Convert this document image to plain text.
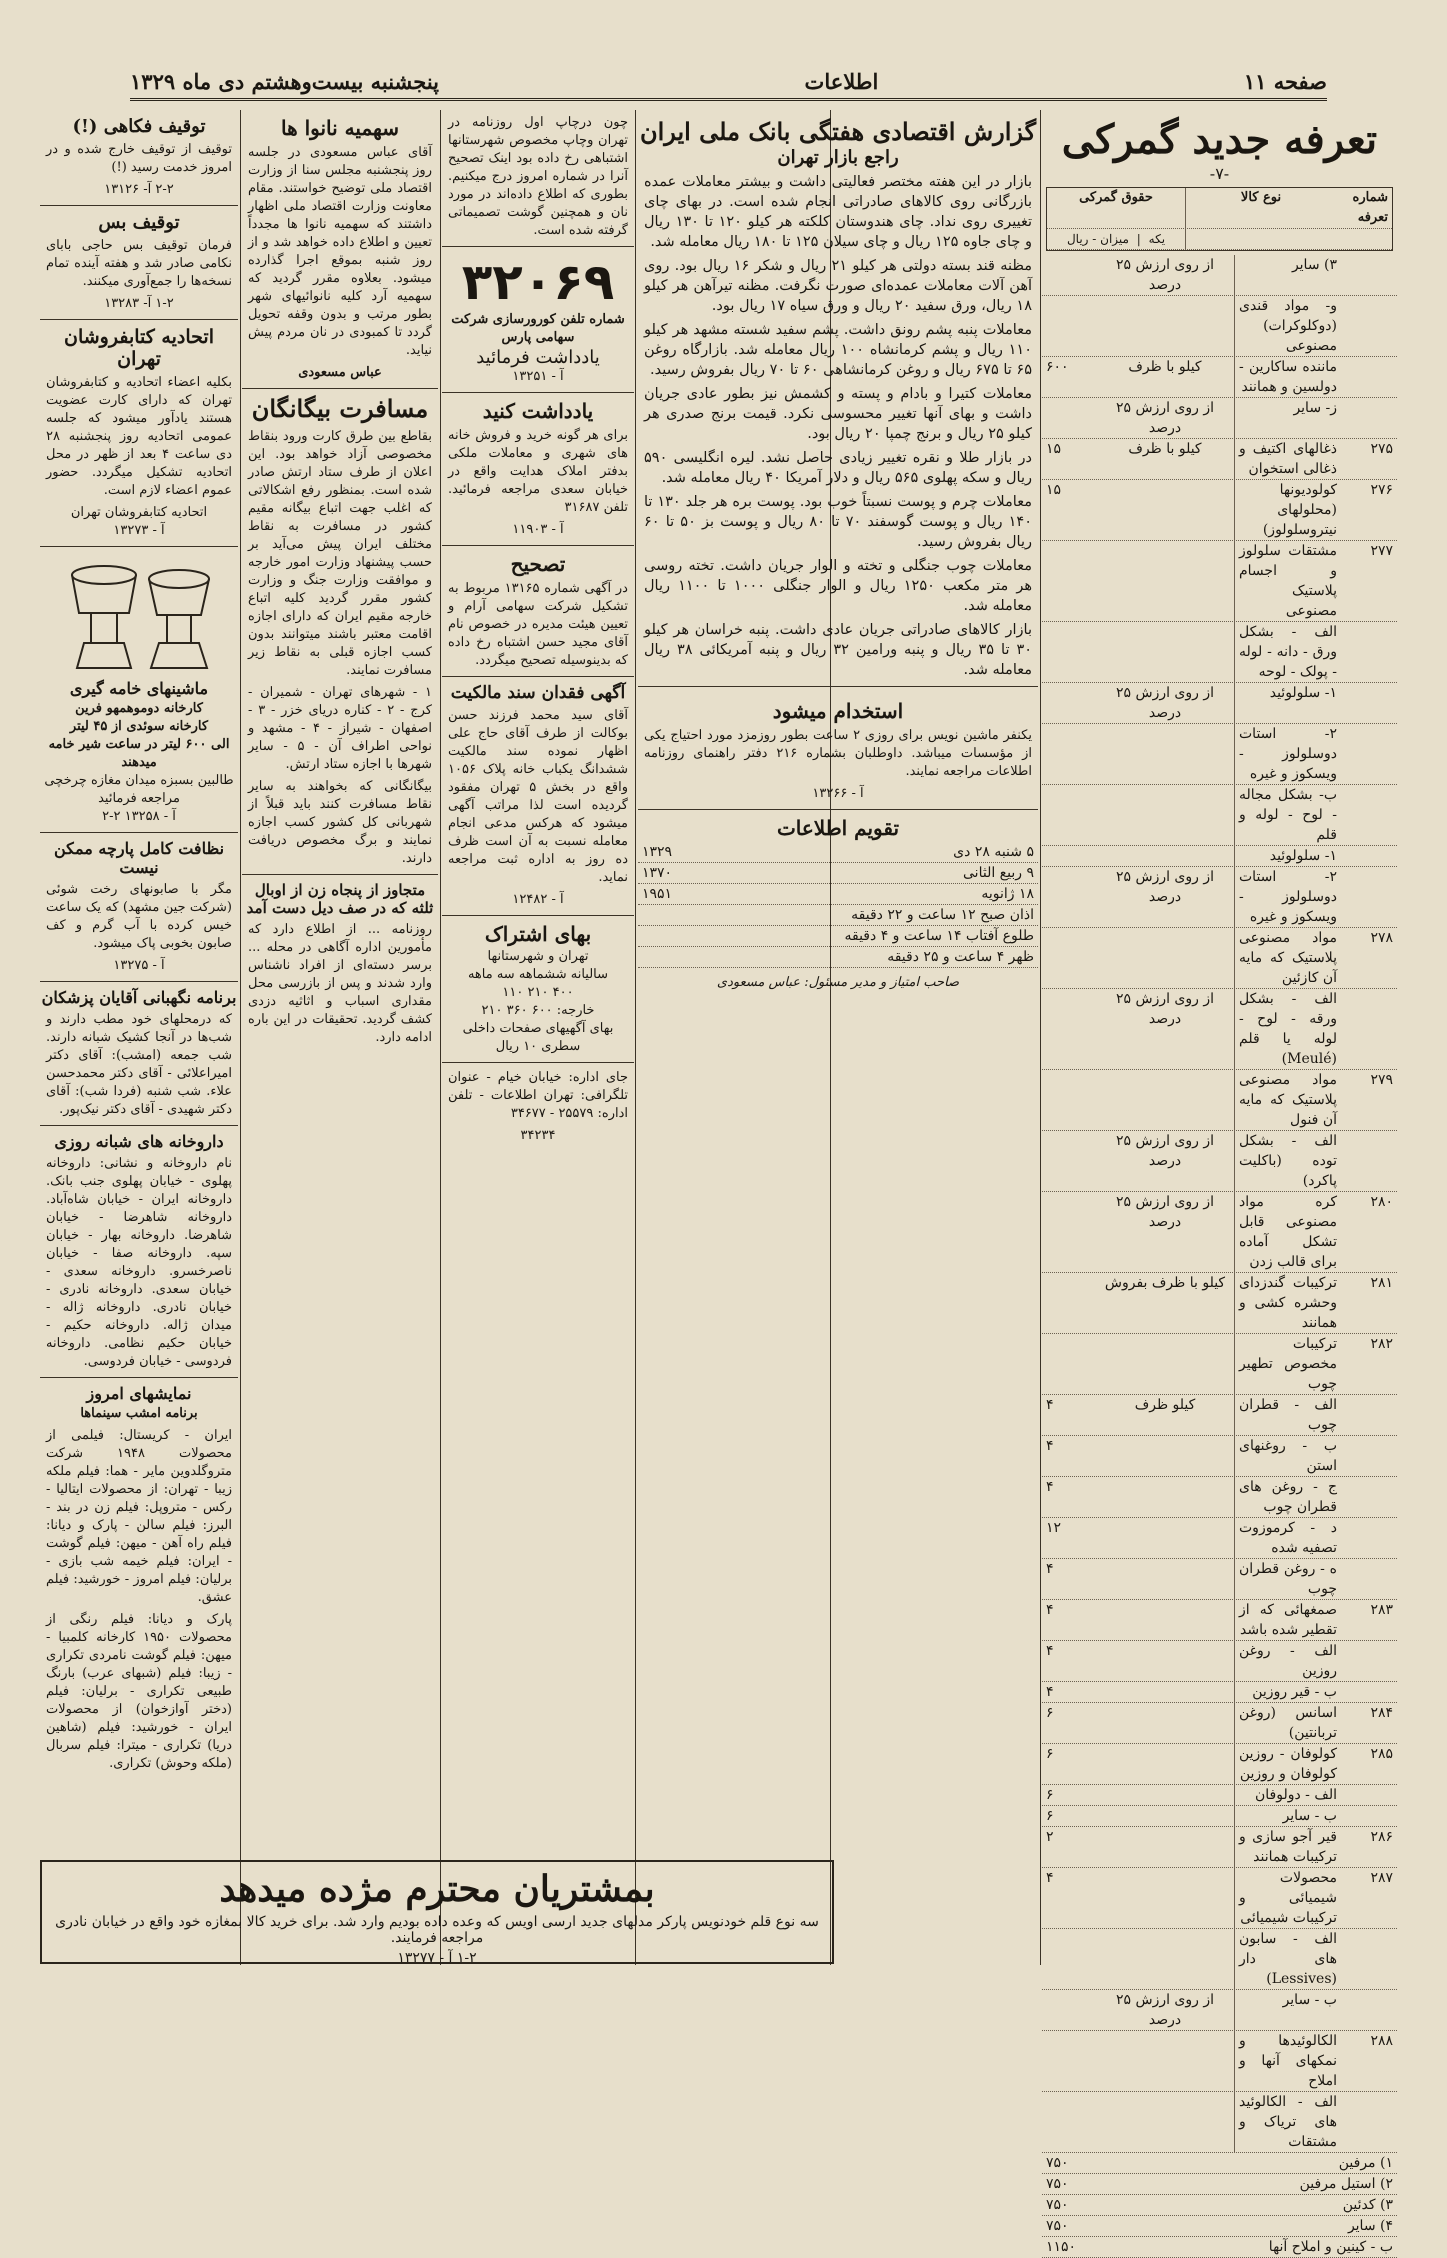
صفحه ۱۱
اطلاعات
پنجشنبه بیست‌وهشتم دی ماه ۱۳۲۹
تعرفه جدید گمرکی
-۷-
شماره تعرفه
نوع کالا
حقوق گمرکی
یکه | میزان - ریال
۳) سایر
از روی ارزش ۲۵ درصد
و- مواد قندی (دوکلوکرات) مصنوعی
ماننده ساکارین - دولسین و همانند
کیلو با ظرف
۶۰۰
ز- سایر
از روی ارزش ۲۵ درصد
۲۷۵
ذغالهای اکتیف و ذغالی استخوان
کیلو با ظرف
۱۵
۲۷۶
کولودیونها (محلولهای نیتروسلولوز)
۱۵
۲۷۷
مشتقات سلولوز و اجسام پلاستیک مصنوعی
الف - بشکل ورق - دانه - لوله - پولک - لوحه
۱- سلولوئید
از روی ارزش ۲۵ درصد
۲- استات دوسلولوز - ویسکوز و غیره
ب- بشکل مجاله - لوح - لوله و قلم
۱- سلولوئید
۲- استات دوسلولوز - ویسکوز و غیره
از روی ارزش ۲۵ درصد
۲۷۸
مواد مصنوعی پلاستیک که مایه آن کازئین
الف - بشکل ورقه - لوح - لوله یا قلم (Meulé)
از روی ارزش ۲۵ درصد
۲۷۹
مواد مصنوعی پلاستیک که مایه آن فنول
الف - بشکل توده (باکلیت پاکرد)
از روی ارزش ۲۵ درصد
۲۸۰
کره مواد مصنوعی قابل تشکل آماده برای قالب زدن
از روی ارزش ۲۵ درصد
۲۸۱
ترکیبات گندزدای وحشره کشی و همانند
کیلو با ظرف بفروش
۲۸۲
ترکیبات مخصوص تطهیر چوب
الف - قطران چوب
کیلو ظرف
۴
ب - روغنهای استن
۴
ج - روغن های قطران چوب
۴
د - کرموزوت تصفیه شده
۱۲
ه - روغن قطران چوب
۴
۲۸۳
صمغهائی که از تقطیر شده باشد
۴
الف - روغن روزین
۴
ب - قیر روزین
۴
۲۸۴
اسانس (روغن تربانتین)
۶
۲۸۵
کولوفان - روزین کولوفان و روزین
۶
الف - دولوفان
۶
ب - سایر
۶
۲۸۶
قیر آجو سازی و ترکیبات همانند
۲
۲۸۷
محصولات شیمیائی و ترکیبات شیمیائی
۴
الف - سابون های دار (Lessives)
ب - سایر
از روی ارزش ۲۵ درصد
۲۸۸
الکالوئیدها و نمکهای آنها و املاح
الف - الکالوئید های تریاک و مشتقات
۱) مرفین
۷۵۰
۲) استیل مرفین
۷۵۰
۳) کدئین
۷۵۰
۴) سایر
۷۵۰
ب - کینین و املاح آنها
۱۱۵۰
گزارش اقتصادی هفتگی بانک ملی ایران
راجع بازار تهران
بازار در این هفته مختصر فعالیتی داشت و بیشتر معاملات عمده بازرگانی روی کالاهای صادراتی انجام شده است. در بهای چای تغییری روی نداد. چای هندوستان کلکته هر کیلو ۱۲۰ تا ۱۳۰ ریال و چای جاوه ۱۲۵ ریال و چای سیلان ۱۲۵ تا ۱۸۰ ریال معامله شد.
مظنه قند بسته دولتی هر کیلو ۲۱ ریال و شکر ۱۶ ریال بود. روی آهن آلات معاملات عمده‌ای صورت نگرفت. مظنه تیرآهن هر کیلو ۱۸ ریال، ورق سفید ۲۰ ریال و ورق سیاه ۱۷ ریال بود.
معاملات پنبه پشم رونق داشت. پشم سفید شسته مشهد هر کیلو ۱۱۰ ریال و پشم کرمانشاه ۱۰۰ ریال معامله شد. بازارگاه روغن ۶۵ تا ۶۷۵ ریال و روغن کرمانشاهی ۶۰ تا ۷۰ ریال بفروش رسید.
معاملات کتیرا و بادام و پسته و کشمش نیز بطور عادی جریان داشت و بهای آنها تغییر محسوسی نکرد. قیمت برنج صدری هر کیلو ۲۵ ریال و برنج چمپا ۲۰ ریال بود.
در بازار طلا و نقره تغییر زیادی حاصل نشد. لیره انگلیسی ۵۹۰ ریال و سکه پهلوی ۵۶۵ ریال و دلار آمریکا ۴۰ ریال معامله شد.
معاملات چرم و پوست نسبتاً خوب بود. پوست بره هر جلد ۱۳۰ تا ۱۴۰ ریال و پوست گوسفند ۷۰ تا ۸۰ ریال و پوست بز ۵۰ تا ۶۰ ریال بفروش رسید.
معاملات چوب جنگلی و تخته و الوار جریان داشت. تخته روسی هر متر مکعب ۱۲۵۰ ریال و الوار جنگلی ۱۰۰۰ تا ۱۱۰۰ ریال معامله شد.
بازار کالاهای صادراتی جریان عادی داشت. پنبه خراسان هر کیلو ۳۰ تا ۳۵ ریال و پنبه ورامین ۳۲ ریال و پنبه آمریکائی ۳۸ ریال معامله شد.
استخدام میشود
یکنفر ماشین نویس برای روزی ۲ ساعت بطور روزمزد مورد احتیاج یکی از مؤسسات میباشد. داوطلبان بشماره ۲۱۶ دفتر راهنمای روزنامه اطلاعات مراجعه نمایند.
آ - ۱۳۲۶۶
تقویم اطلاعات
۵ شنبه ۲۸ دی
۱۳۲۹
۹ ربیع الثانی
۱۳۷۰
۱۸ ژانویه
۱۹۵۱
اذان صبح ۱۲ ساعت و ۲۲ دقیقه
طلوع آفتاب ۱۴ ساعت و ۴ دقیقه
ظهر ۴ ساعت و ۲۵ دقیقه
صاحب امتیاز و مدیر مسئول: عباس مسعودی
چون درچاپ اول روزنامه در تهران وچاپ مخصوص شهرستانها اشتباهی رخ داده بود اینک تصحیح آنرا در شماره امروز درج میکنیم. بطوری که اطلاع داده‌اند در مورد نان و همچنین گوشت تصمیماتی گرفته شده است.
۳۲۰۶۹
شماره تلفن کورورسازی شرکت سهامی پارس
یادداشت فرمائید
آ - ۱۳۲۵۱
یادداشت کنید
برای هر گونه خرید و فروش خانه های شهری و معاملات ملکی بدفتر املاک هدایت واقع در خیابان سعدی مراجعه فرمائید. تلفن ۳۱۶۸۷
آ - ۱۱۹۰۳
تصحیح
در آگهی شماره ۱۳۱۶۵ مربوط به تشکیل شرکت سهامی آرام و تعیین هیئت مدیره در خصوص نام آقای مجید حسن اشتباه رخ داده که بدینوسیله تصحیح میگردد.
آگهی فقدان سند مالکیت
آقای سید محمد فرزند حسن بوکالت از طرف آقای حاج علی اظهار نموده سند مالکیت ششدانگ یکباب خانه پلاک ۱۰۵۶ واقع در بخش ۵ تهران مفقود گردیده است لذا مراتب آگهی میشود که هرکس مدعی انجام معامله نسبت به آن است ظرف ده روز به اداره ثبت مراجعه نماید.
آ - ۱۲۴۸۲
بهای اشتراک
تهران و شهرستانها
سالیانه ششماهه سه ماهه
۴۰۰ ۲۱۰ ۱۱۰
خارجه: ۶۰۰ ۳۶۰ ۲۱۰
بهای آگهیهای صفحات داخلی سطری ۱۰ ریال
جای اداره: خیابان خیام - عنوان تلگرافی: تهران اطلاعات - تلفن اداره: ۲۵۵۷۹ - ۳۴۶۷۷
۳۴۲۳۴
سهمیه نانوا ها
آقای عباس مسعودی در جلسه روز پنجشنبه مجلس سنا از وزارت اقتصاد ملی توضیح خواستند. مقام معاونت وزارت اقتصاد ملی اظهار داشتند که سهمیه نانوا ها مجدداً تعیین و اطلاع داده خواهد شد و از روز شنبه بموقع اجرا گذارده میشود. بعلاوه مقرر گردید که سهمیه آرد کلیه نانوائیهای شهر بطور مرتب و بدون وقفه تحویل گردد تا کمبودی در نان مردم پیش نیاید.
عباس مسعودی
مسافرت بیگانگان
بقاطع بین طرق کارت ورود بنقاط مخصوصی آزاد خواهد بود. این اعلان از طرف ستاد ارتش صادر شده است. بمنظور رفع اشکالاتی که اغلب جهت اتباع بیگانه مقیم کشور در مسافرت به نقاط مختلف ایران پیش می‌آید بر حسب پیشنهاد وزارت امور خارجه و موافقت وزارت جنگ و وزارت کشور مقرر گردید کلیه اتباع خارجه مقیم ایران که دارای اجازه اقامت معتبر باشند میتوانند بدون کسب اجازه قبلی به نقاط زیر مسافرت نمایند.
۱ - شهرهای تهران - شمیران - کرج - ۲ - کناره دریای خزر - ۳ - اصفهان - شیراز - ۴ - مشهد و نواحی اطراف آن - ۵ - سایر شهرها با اجازه ستاد ارتش.
بیگانگانی که بخواهند به سایر نقاط مسافرت کنند باید قبلاً از شهربانی کل کشور کسب اجازه نمایند و برگ مخصوص دریافت دارند.
متجاوز از پنجاه زن از اوبال ثلثه که در صف دیل دست آمد
روزنامه ... از اطلاع دارد که مأمورین اداره آگاهی در محله ... برسر دسته‌ای از افراد ناشناس وارد شدند و پس از بازرسی محل مقداری اسباب و اثاثیه دزدی کشف گردید. تحقیقات در این باره ادامه دارد.
توقیف فکاهی (!)
توقیف از توقیف خارج شده و در امروز خدمت رسید (!)
۲-۲ آ- ۱۳۱۲۶
توقیف بس
فرمان توقیف بس حاجی بابای نکامی صادر شد و هفته آینده تمام نسخه‌ها را جمع‌آوری میکنند.
۱-۲ آ- ۱۳۲۸۳
اتحادیه کتابفروشان تهران
بکلیه اعضاء اتحادیه و کتابفروشان تهران که دارای کارت عضویت هستند یادآور میشود که جلسه عمومی اتحادیه روز پنجشنبه ۲۸ دی ساعت ۴ بعد از ظهر در محل اتحادیه تشکیل میگردد. حضور عموم اعضاء لازم است.
اتحادیه کتابفروشان تهران
آ - ۱۳۲۷۳
ماشینهای خامه گیری
کارخانه دوموهمهو فرین
کارخانه سوئدی از ۴۵ لیتر
الی ۶۰۰ لیتر در ساعت شیر خامه میدهند
طالبین بسبزه میدان مغازه چرخچی مراجعه فرمائید
آ - ۱۳۲۵۸ ۲-۲
نظافت کامل پارچه ممکن نیست
مگر با صابونهای رخت شوئی (شرکت جین مشهد) که یک ساعت خیس کرده با آب گرم و کف صابون بخوبی پاک میشود.
آ - ۱۳۲۷۵
برنامه نگهبانی آقایان پزشکان
که درمحلهای خود مطب دارند و شب‌ها در آنجا کشیک شبانه دارند. شب جمعه (امشب): آقای دکتر امیراعلائی - آقای دکتر محمدحسن علاء. شب شنبه (فردا شب): آقای دکتر شهیدی - آقای دکتر نیک‌پور.
داروخانه های شبانه روزی
نام داروخانه و نشانی: داروخانه پهلوی - خیابان پهلوی جنب بانک. داروخانه ایران - خیابان شاه‌آباد. داروخانه شاهرضا - خیابان شاهرضا. داروخانه بهار - خیابان سپه. داروخانه صفا - خیابان ناصرخسرو. داروخانه سعدی - خیابان سعدی. داروخانه نادری - خیابان نادری. داروخانه ژاله - میدان ژاله. داروخانه حکیم - خیابان حکیم نظامی. داروخانه فردوسی - خیابان فردوسی.
نمایشهای امروز
برنامه امشب سینماها
ایران - کریستال: فیلمی از محصولات ۱۹۴۸ شرکت متروگلدوین مایر - هما: فیلم ملکه زیبا - تهران: از محصولات ایتالیا - رکس - متروپل: فیلم زن در بند - البرز: فیلم سالن - پارک و دیانا: فیلم راه آهن - میهن: فیلم گوشت - ایران: فیلم خیمه شب بازی - برلیان: فیلم امروز - خورشید: فیلم عشق.
پارک و دیانا: فیلم رنگی از محصولات ۱۹۵۰ کارخانه کلمبیا - میهن: فیلم گوشت نامردی تکراری - زیبا: فیلم (شبهای عرب) بارنگ طبیعی تکراری - برلیان: فیلم (دختر آوازخوان) از محصولات ایران - خورشید: فیلم (شاهین دریا) تکراری - میترا: فیلم سربال (ملکه وحوش) تکراری.
بمشتریان محترم مژده میدهد
سه نوع قلم خودنویس پارکر مدلهای جدید ارسی اویس که وعده داده بودیم وارد شد. برای خرید کالا بمغازه خود واقع در خیابان نادری مراجعه فرمایند.
۱-۲ آ - ۱۳۲۷۷
